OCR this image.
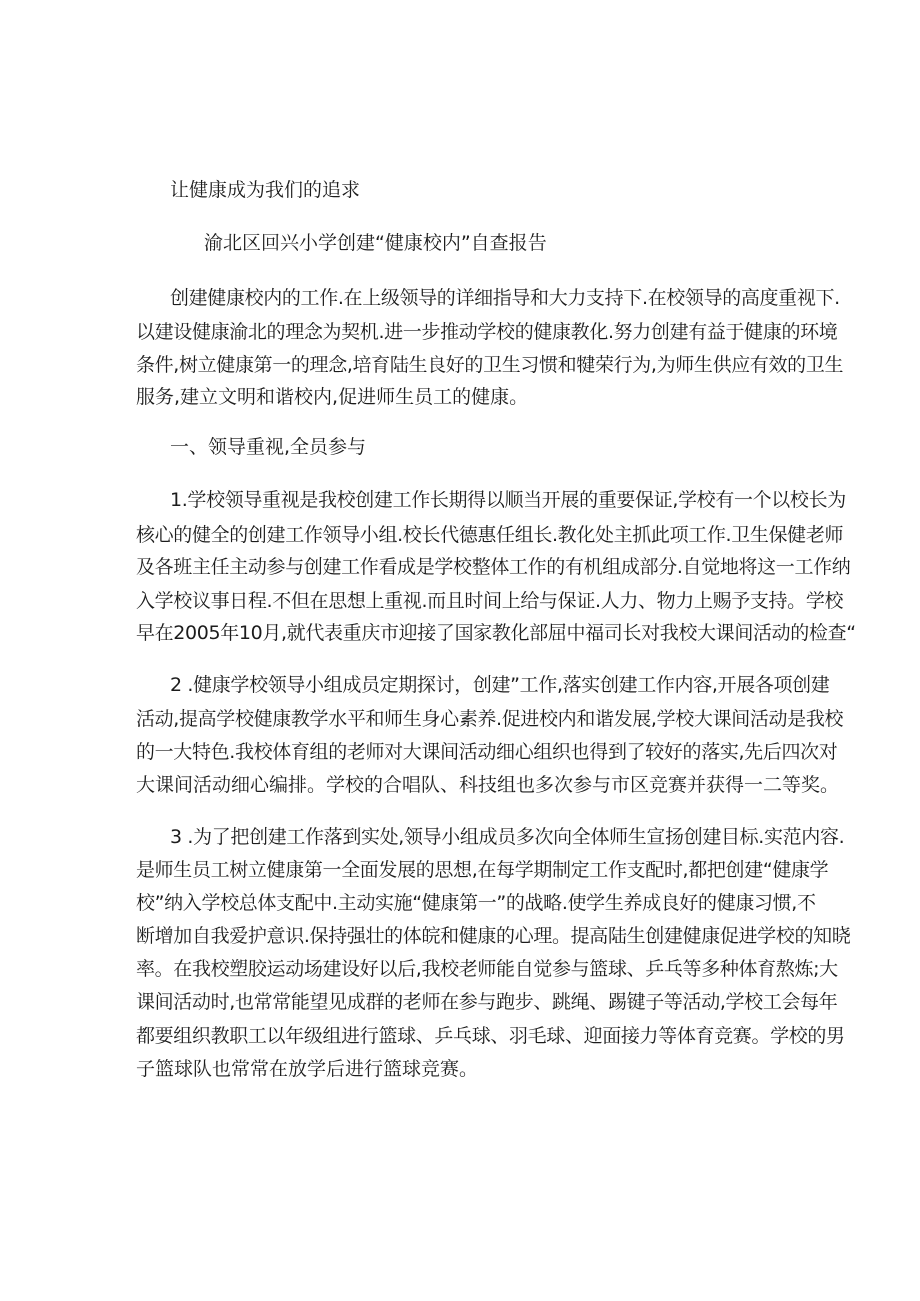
让健康成为我们的追求
渝北区回兴小学创建“健康校内”自查报告
创建健康校内的工作.在上级领导的详细指导和大力支持下.在校领导的高度重视下.
以建设健康渝北的理念为契机.进一步推动学校的健康教化.努力创建有益于健康的环境
条件,树立健康第一的理念,培育陆生良好的卫生习惯和犍荣行为,为师生供应有效的卫生
服务,建立文明和谐校内,促进师生员工的健康。
一、领导重视,全员参与
1.学校领导重视是我校创建工作长期得以顺当开展的重要保证,学校有一个以校长为
核心的健全的创建工作领导小组.校长代德惠任组长.教化处主抓此项工作.卫生保健老师
及各班主任主动参与创建工作看成是学校整体工作的有机组成部分.自觉地将这一工作纳
入学校议事日程.不但在思想上重视.而且时间上给与保证.人力、物力上赐予支持。学校
早在2005年10月,就代表重庆市迎接了国家教化部屈中福司长对我校大课间活动的检查“
2 .健康学校领导小组成员定期探讨，创建”工作,落实创建工作内容,开展各项创建
活动,提高学校健康教学水平和师生身心素养.促进校内和谐发展,学校大课间活动是我校
的一大特色.我校体育组的老师对大课间活动细心组织也得到了较好的落实,先后四次对
大课间活动细心编排。学校的合唱队、科技组也多次参与市区竞赛并获得一二等奖。
3 .为了把创建工作落到实处,领导小组成员多次向全体师生宣扬创建目标.实范内容.
是师生员工树立健康第一全面发展的思想,在每学期制定工作支配时,都把创建“健康学
校”纳入学校总体支配中.主动实施“健康第一”的战略.使学生养成良好的健康习惯,不
断增加自我爱护意识.保持强壮的体皖和健康的心理。提高陆生创建健康促进学校的知晓
率。在我校塑胶运动场建设好以后,我校老师能自觉参与篮球、乒乓等多种体育熬炼;大
课间活动时,也常常能望见成群的老师在参与跑步、跳绳、踢键子等活动,学校工会每年
都要组织教职工以年级组进行篮球、乒乓球、羽毛球、迎面接力等体育竞赛。学校的男
子篮球队也常常在放学后进行篮球竞赛。
